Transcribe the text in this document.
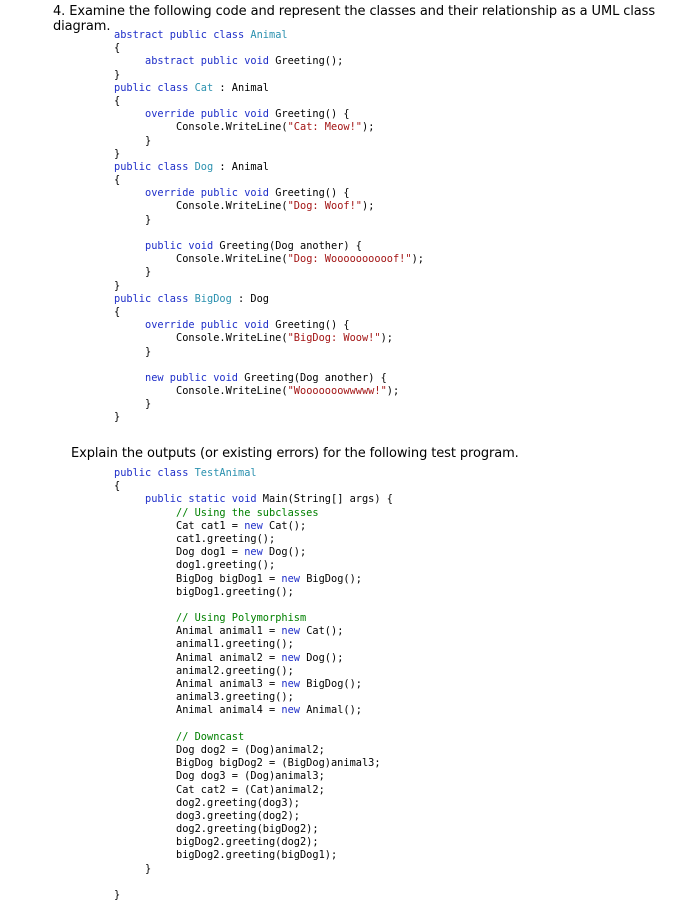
4. Examine the following code and represent the classes and their relationship as a UML class diagram.
abstract public class Animal
{
abstract public void Greeting();
}
public class Cat : Animal
{
override public void Greeting() {
Console.WriteLine("Cat: Meow!");
}
}
public class Dog : Animal
{
override public void Greeting() {
Console.WriteLine("Dog: Woof!");
}
public void Greeting(Dog another) {
Console.WriteLine("Dog: Woooooooooof!");
}
}
public class BigDog : Dog
{
override public void Greeting() {
Console.WriteLine("BigDog: Woow!");
}
new public void Greeting(Dog another) {
Console.WriteLine("Wooooooowwwww!");
}
}
Explain the outputs (or existing errors) for the following test program.
public class TestAnimal
{
public static void Main(String[] args) {
// Using the subclasses
Cat cat1 = new Cat();
cat1.greeting();
Dog dog1 = new Dog();
dog1.greeting();
BigDog bigDog1 = new BigDog();
bigDog1.greeting();
// Using Polymorphism
Animal animal1 = new Cat();
animal1.greeting();
Animal animal2 = new Dog();
animal2.greeting();
Animal animal3 = new BigDog();
animal3.greeting();
Animal animal4 = new Animal();
// Downcast
Dog dog2 = (Dog)animal2;
BigDog bigDog2 = (BigDog)animal3;
Dog dog3 = (Dog)animal3;
Cat cat2 = (Cat)animal2;
dog2.greeting(dog3);
dog3.greeting(dog2);
dog2.greeting(bigDog2);
bigDog2.greeting(dog2);
bigDog2.greeting(bigDog1);
}
}
